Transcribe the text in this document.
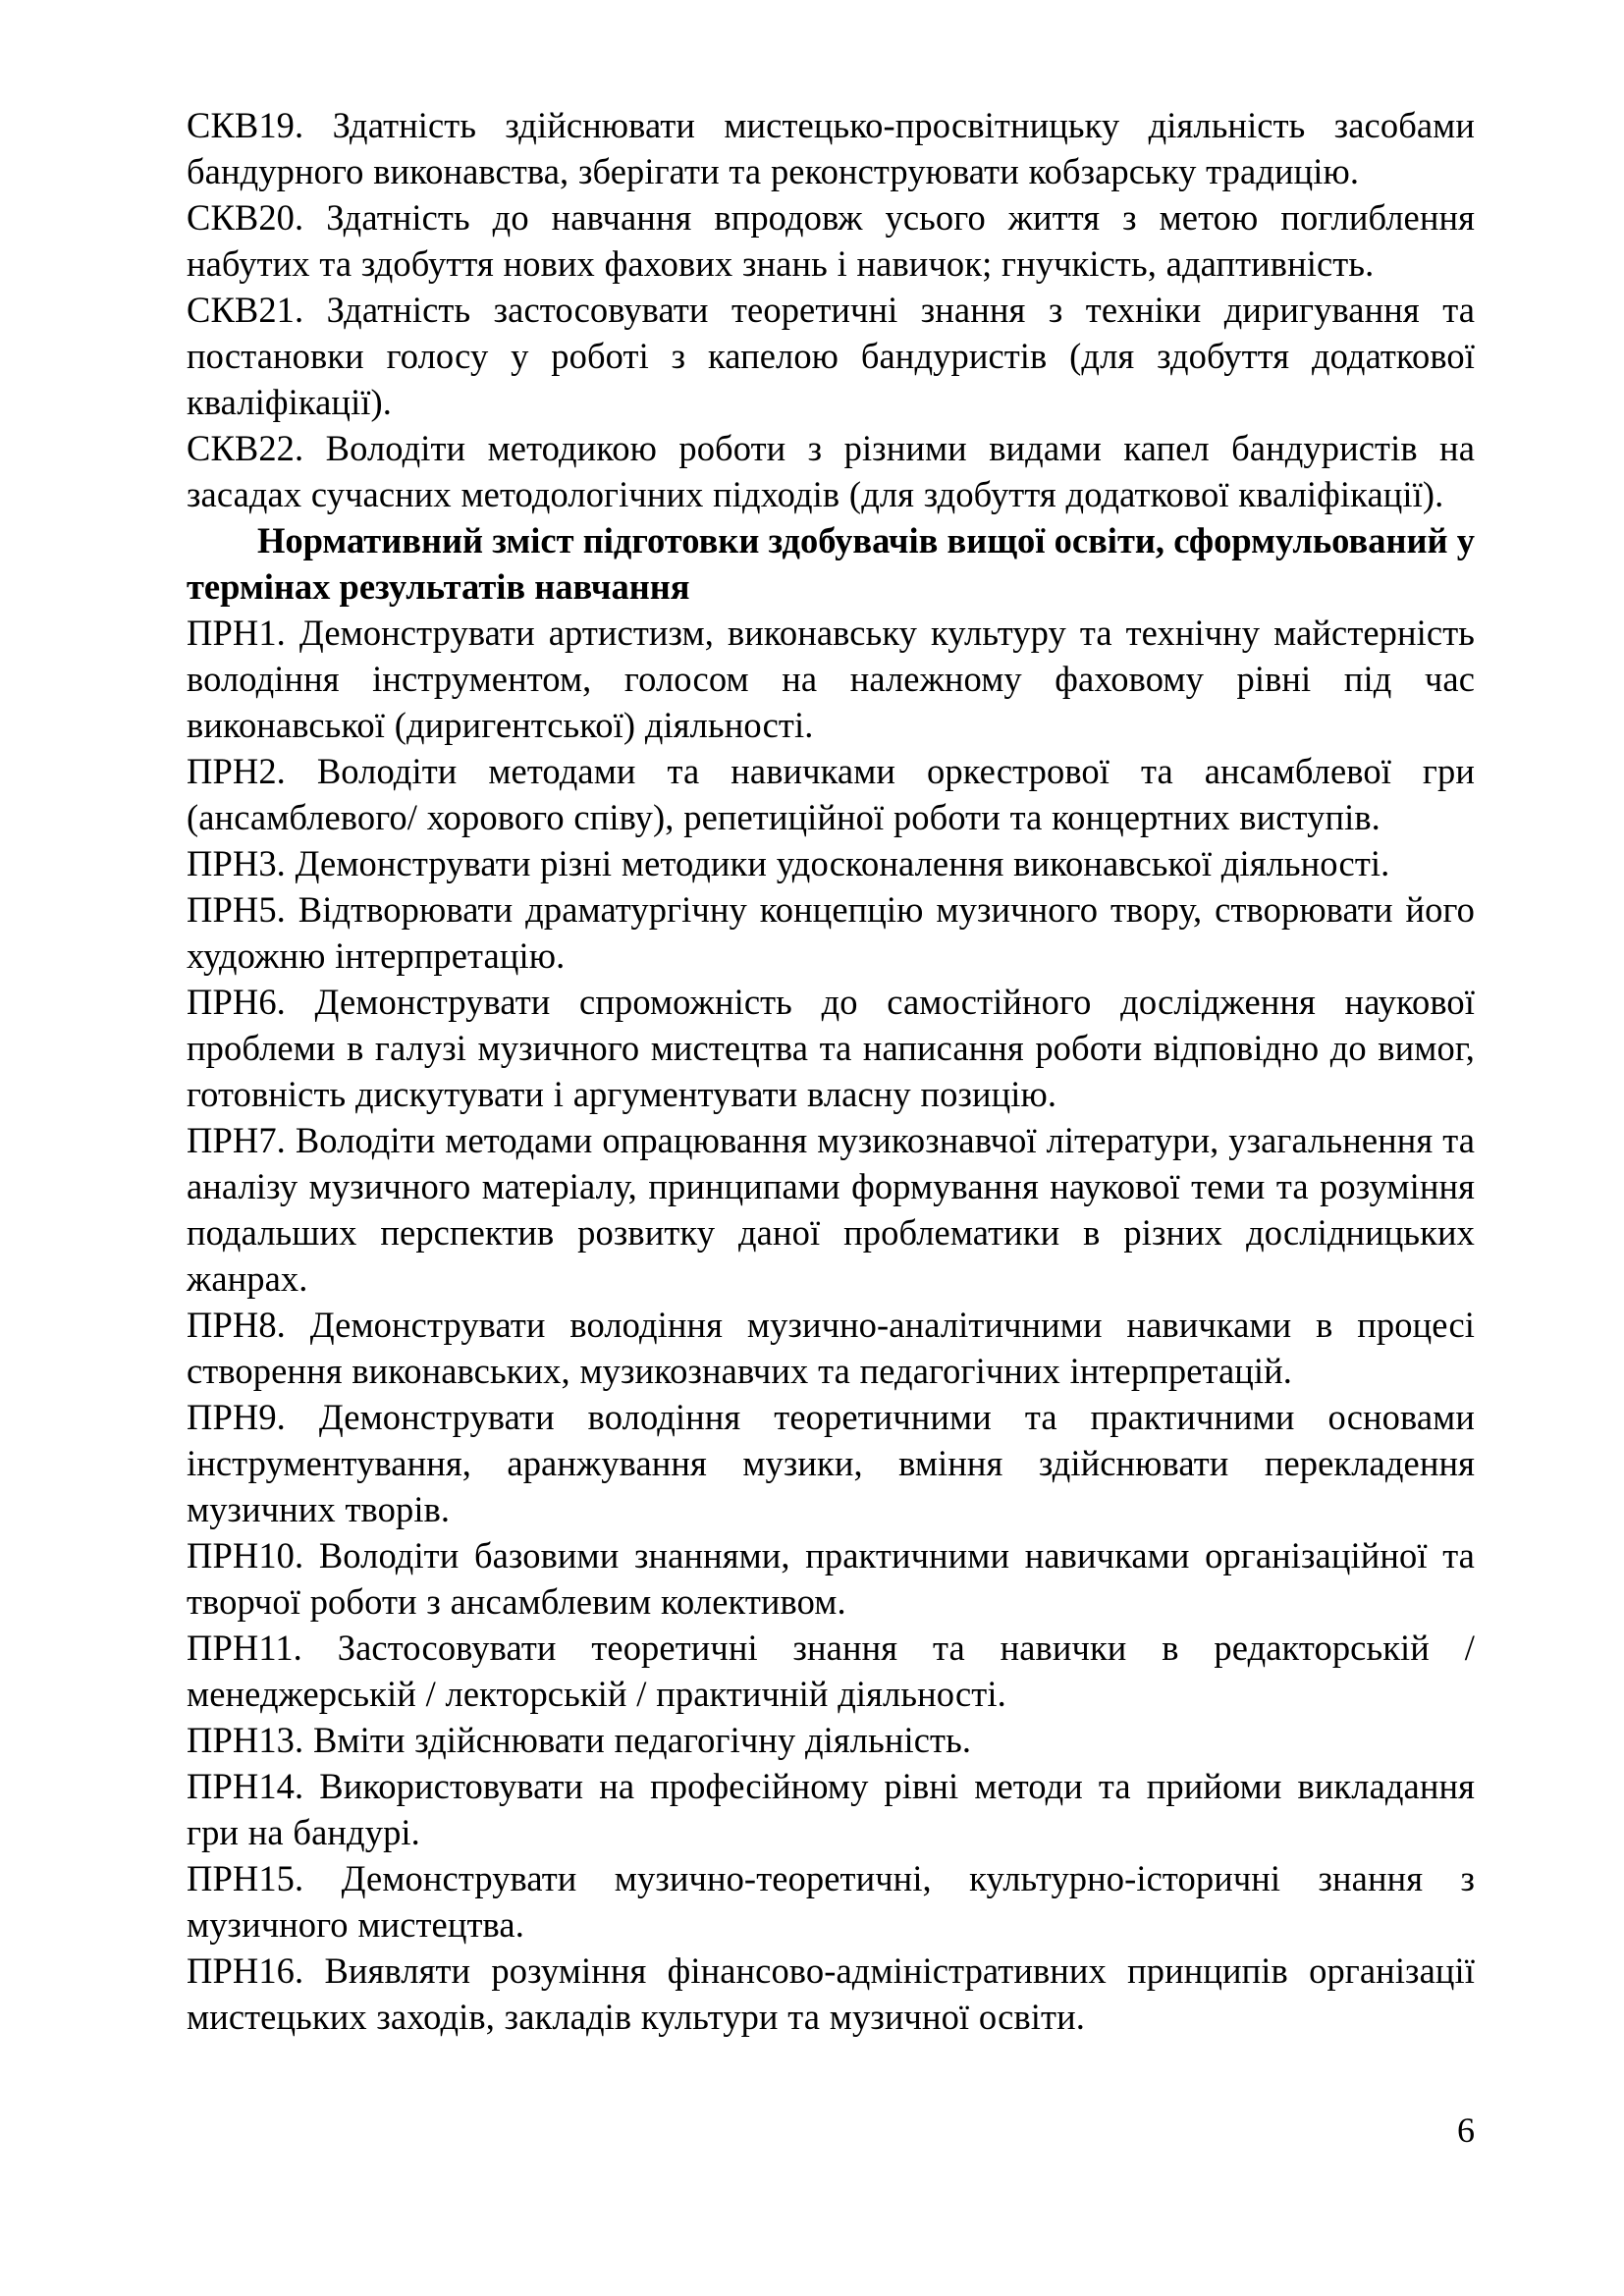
СКВ19. Здатність здійснювати мистецько-просвітницьку діяльність засобами бандурного виконавства, зберігати та реконструювати кобзарську традицію.

СКВ20. Здатність до навчання впродовж усього життя з метою поглиблення набутих та здобуття нових фахових знань і навичок; гнучкість, адаптивність.

СКВ21. Здатність застосовувати теоретичні знання з техніки диригування та постановки голосу у роботі з капелою бандуристів (для здобуття додаткової кваліфікації).

СКВ22. Володіти методикою роботи з різними видами капел бандуристів на засадах сучасних методологічних підходів (для здобуття додаткової кваліфікації).

Нормативний зміст підготовки здобувачів вищої освіти, сформульований у термінах результатів навчання

ПРН1. Демонструвати артистизм, виконавську культуру та технічну майстерність володіння інструментом, голосом на належному фаховому рівні під час виконавської (диригентської) діяльності.

ПРН2. Володіти методами та навичками оркестрової та ансамблевої гри (ансамблевого/ хорового співу), репетиційної роботи та концертних виступів.

ПРН3. Демонструвати різні методики удосконалення виконавської діяльності.

ПРН5. Відтворювати драматургічну концепцію музичного твору, створювати його художню інтерпретацію.

ПРН6. Демонструвати спроможність до самостійного дослідження наукової проблеми в галузі музичного мистецтва та написання роботи відповідно до вимог, готовність дискутувати і аргументувати власну позицію.

ПРН7. Володіти методами опрацювання музикознавчої літератури, узагальнення та аналізу музичного матеріалу, принципами формування наукової теми та розуміння подальших перспектив розвитку даної проблематики в різних дослідницьких жанрах.

ПРН8. Демонструвати володіння музично-аналітичними навичками в процесі створення виконавських, музикознавчих та педагогічних інтерпретацій.

ПРН9. Демонструвати володіння теоретичними та практичними основами інструментування, аранжування музики, вміння здійснювати перекладення музичних творів.

ПРН10. Володіти базовими знаннями, практичними навичками організаційної та творчої роботи з ансамблевим колективом.

ПРН11. Застосовувати теоретичні знання та навички в редакторській / менеджерській / лекторській / практичній діяльності.

ПРН13. Вміти здійснювати педагогічну діяльність.

ПРН14. Використовувати на професійному рівні методи та прийоми викладання гри на бандурі.

ПРН15. Демонструвати музично-теоретичні, культурно-історичні знання з музичного мистецтва.

ПРН16. Виявляти розуміння фінансово-адміністративних принципів організації мистецьких заходів, закладів культури та музичної освіти.

6
